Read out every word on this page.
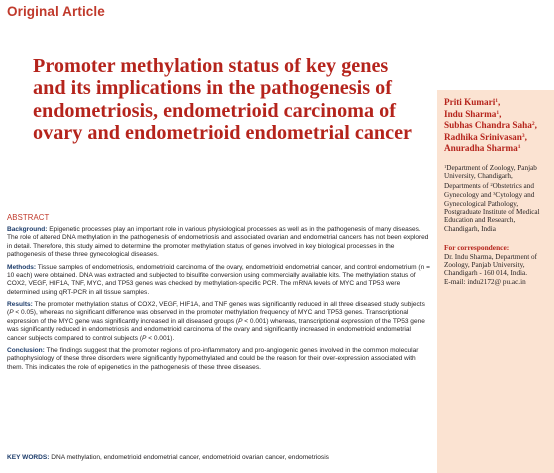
Original Article
Promoter methylation status of key genes and its implications in the pathogenesis of endometriosis, endometrioid carcinoma of ovary and endometrioid endometrial cancer
Priti Kumari$^1$,
Indu Sharma$^1$,
Subhas Chandra Saha$^2$,
Radhika Srinivasan$^3$,
Anuradha Sharma$^1$

$^1$Department of Zoology, Panjab University, Chandigarh, Departments of $^2$Obstetrics and Gynecology and $^3$Cytology and Gynecological Pathology,
Postgraduate Institute of Medical Education and Research, Chandigarh, India

For correspondence:
Dr. Indu Sharma, Department of Zoology, Panjab University, Chandigarh - 160 014, India.
E-mail: indu2172@ pu.ac.in
ABSTRACT

Background: Epigenetic processes play an important role in various physiological processes as well as in the pathogenesis of many diseases. The role of altered DNA methylation in the pathogenesis of endometriosis and associated ovarian and endometrial cancers has not been explored in detail. Therefore, this study aimed to determine the promoter methylation status of genes involved in key biological processes in the pathogenesis of these three gynecological diseases.

Methods: Tissue samples of endometriosis, endometrioid carcinoma of the ovary, endometrioid endometrial cancer, and control endometrium (n = 10 each) were obtained. DNA was extracted and subjected to bisulfite conversion using commercially available kits. The methylation status of COX2, VEGF, HIF1A, TNF, MYC, and TP53 genes was checked by methylation-specific PCR. The mRNA levels of MYC and TP53 were determined using qRT-PCR in all tissue samples.

Results: The promoter methylation status of COX2, VEGF, HIF1A, and TNF genes was significantly reduced in all three diseased study subjects (P < 0.05), whereas no significant difference was observed in the promoter methylation frequency of MYC and TP53 genes. Transcriptional expression of the MYC gene was significantly increased in all diseased groups (P < 0.001) whereas, transcriptional expression of the TP53 gene was significantly reduced in endometriosis and endometrioid carcinoma of the ovary and significantly increased in endometrioid endometrial cancer subjects compared to control subjects (P < 0.001).

Conclusion: The findings suggest that the promoter regions of pro-inflammatory and pro-angiogenic genes involved in the common molecular pathophysiology of these three disorders were significantly hypomethylated and could be the reason for their over-expression associated with them. This indicates the role of epigenetics in the pathogenesis of these three diseases.

KEY WORDS: DNA methylation, endometrioid endometrial cancer, endometrioid ovarian cancer, endometriosis
